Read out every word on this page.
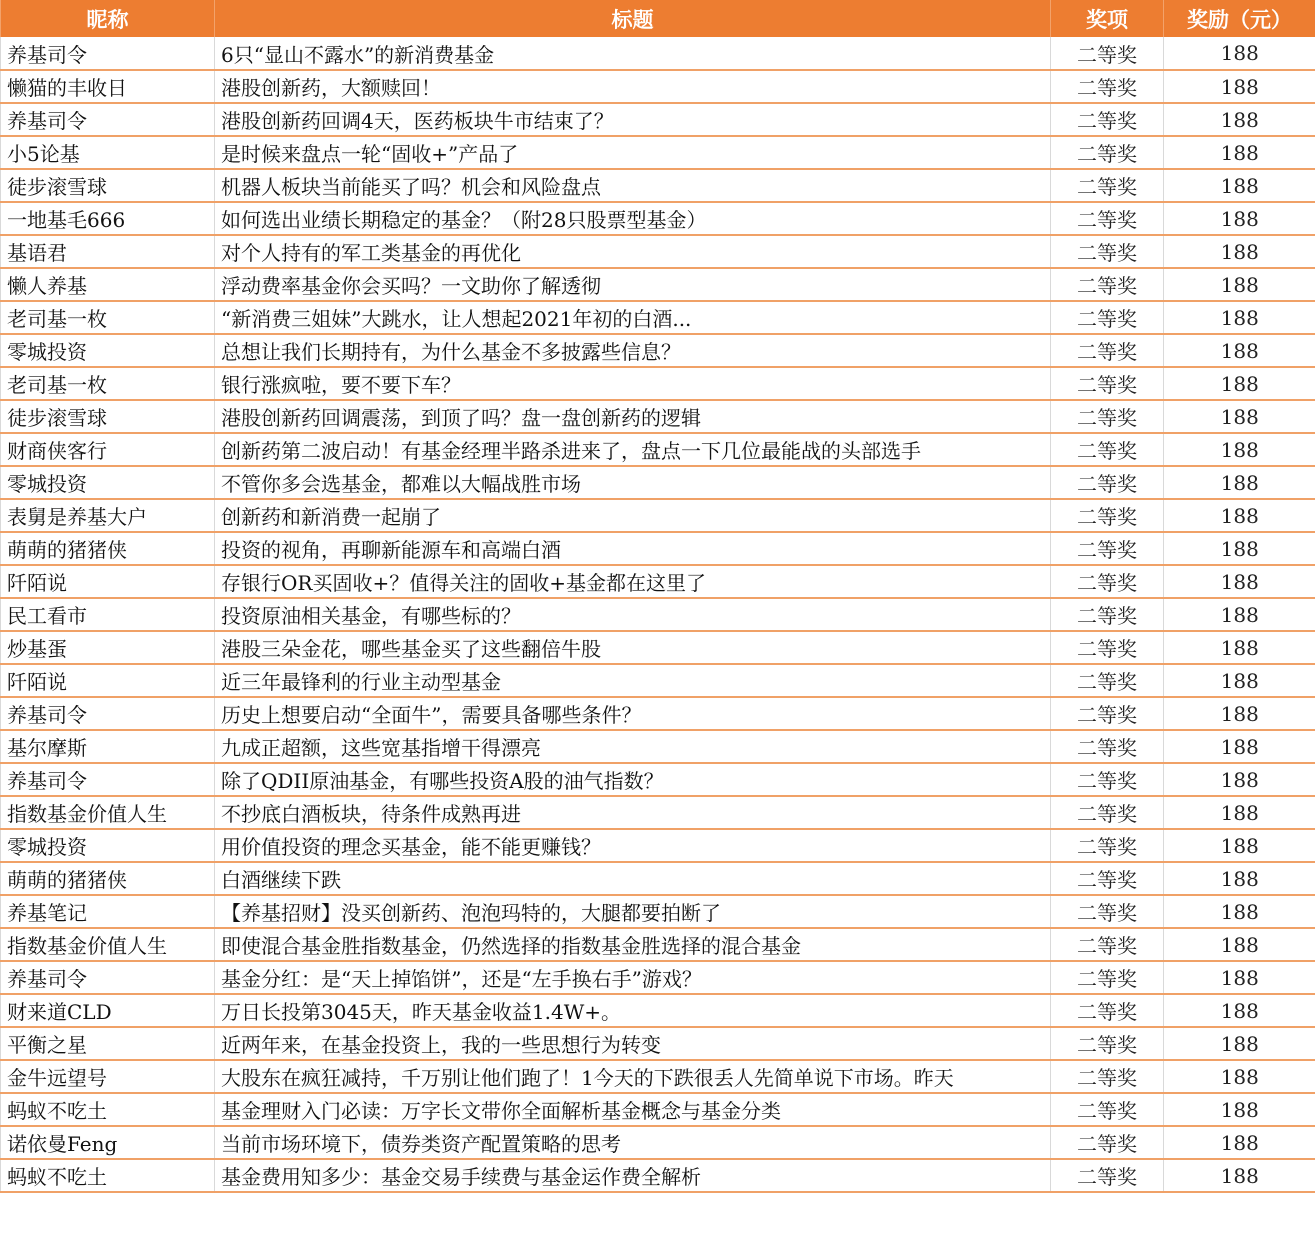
昵称	标题	奖项	奖励（元）
养基司令	6只“显山不露水”的新消费基金	二等奖	188
懒猫的丰收日	港股创新药，大额赎回！	二等奖	188
养基司令	港股创新药回调4天，医药板块牛市结束了？	二等奖	188
小5论基	是时候来盘点一轮“固收+”产品了	二等奖	188
徒步滚雪球	机器人板块当前能买了吗？机会和风险盘点	二等奖	188
一地基毛666	如何选出业绩长期稳定的基金？（附28只股票型基金）	二等奖	188
基语君	对个人持有的军工类基金的再优化	二等奖	188
懒人养基	浮动费率基金你会买吗？一文助你了解透彻	二等奖	188
老司基一枚	“新消费三姐妹”大跳水，让人想起2021年初的白酒...	二等奖	188
零城投资	总想让我们长期持有，为什么基金不多披露些信息？	二等奖	188
老司基一枚	银行涨疯啦，要不要下车？	二等奖	188
徒步滚雪球	港股创新药回调震荡，到顶了吗？盘一盘创新药的逻辑	二等奖	188
财商侠客行	创新药第二波启动！有基金经理半路杀进来了，盘点一下几位最能战的头部选手	二等奖	188
零城投资	不管你多会选基金，都难以大幅战胜市场	二等奖	188
表舅是养基大户	创新药和新消费一起崩了	二等奖	188
萌萌的猪猪侠	投资的视角，再聊新能源车和高端白酒	二等奖	188
阡陌说	存银行OR买固收+？值得关注的固收+基金都在这里了	二等奖	188
民工看市	投资原油相关基金，有哪些标的？	二等奖	188
炒基蛋	港股三朵金花，哪些基金买了这些翻倍牛股	二等奖	188
阡陌说	近三年最锋利的行业主动型基金	二等奖	188
养基司令	历史上想要启动“全面牛”，需要具备哪些条件？	二等奖	188
基尔摩斯	九成正超额，这些宽基指增干得漂亮	二等奖	188
养基司令	除了QDII原油基金，有哪些投资A股的油气指数？	二等奖	188
指数基金价值人生	不抄底白酒板块，待条件成熟再进	二等奖	188
零城投资	用价值投资的理念买基金，能不能更赚钱？	二等奖	188
萌萌的猪猪侠	白酒继续下跌	二等奖	188
养基笔记	【养基招财】没买创新药、泡泡玛特的，大腿都要拍断了	二等奖	188
指数基金价值人生	即使混合基金胜指数基金，仍然选择的指数基金胜选择的混合基金	二等奖	188
养基司令	基金分红：是“天上掉馅饼”，还是“左手换右手”游戏？	二等奖	188
财来道CLD	万日长投第3045天，昨天基金收益1.4W+。	二等奖	188
平衡之星	近两年来，在基金投资上，我的一些思想行为转变	二等奖	188
金牛远望号	大股东在疯狂减持，千万别让他们跑了！1今天的下跌很丢人先简单说下市场。昨天	二等奖	188
蚂蚁不吃土	基金理财入门必读：万字长文带你全面解析基金概念与基金分类	二等奖	188
诺依曼Feng	当前市场环境下，债券类资产配置策略的思考	二等奖	188
蚂蚁不吃土	基金费用知多少：基金交易手续费与基金运作费全解析	二等奖	188
